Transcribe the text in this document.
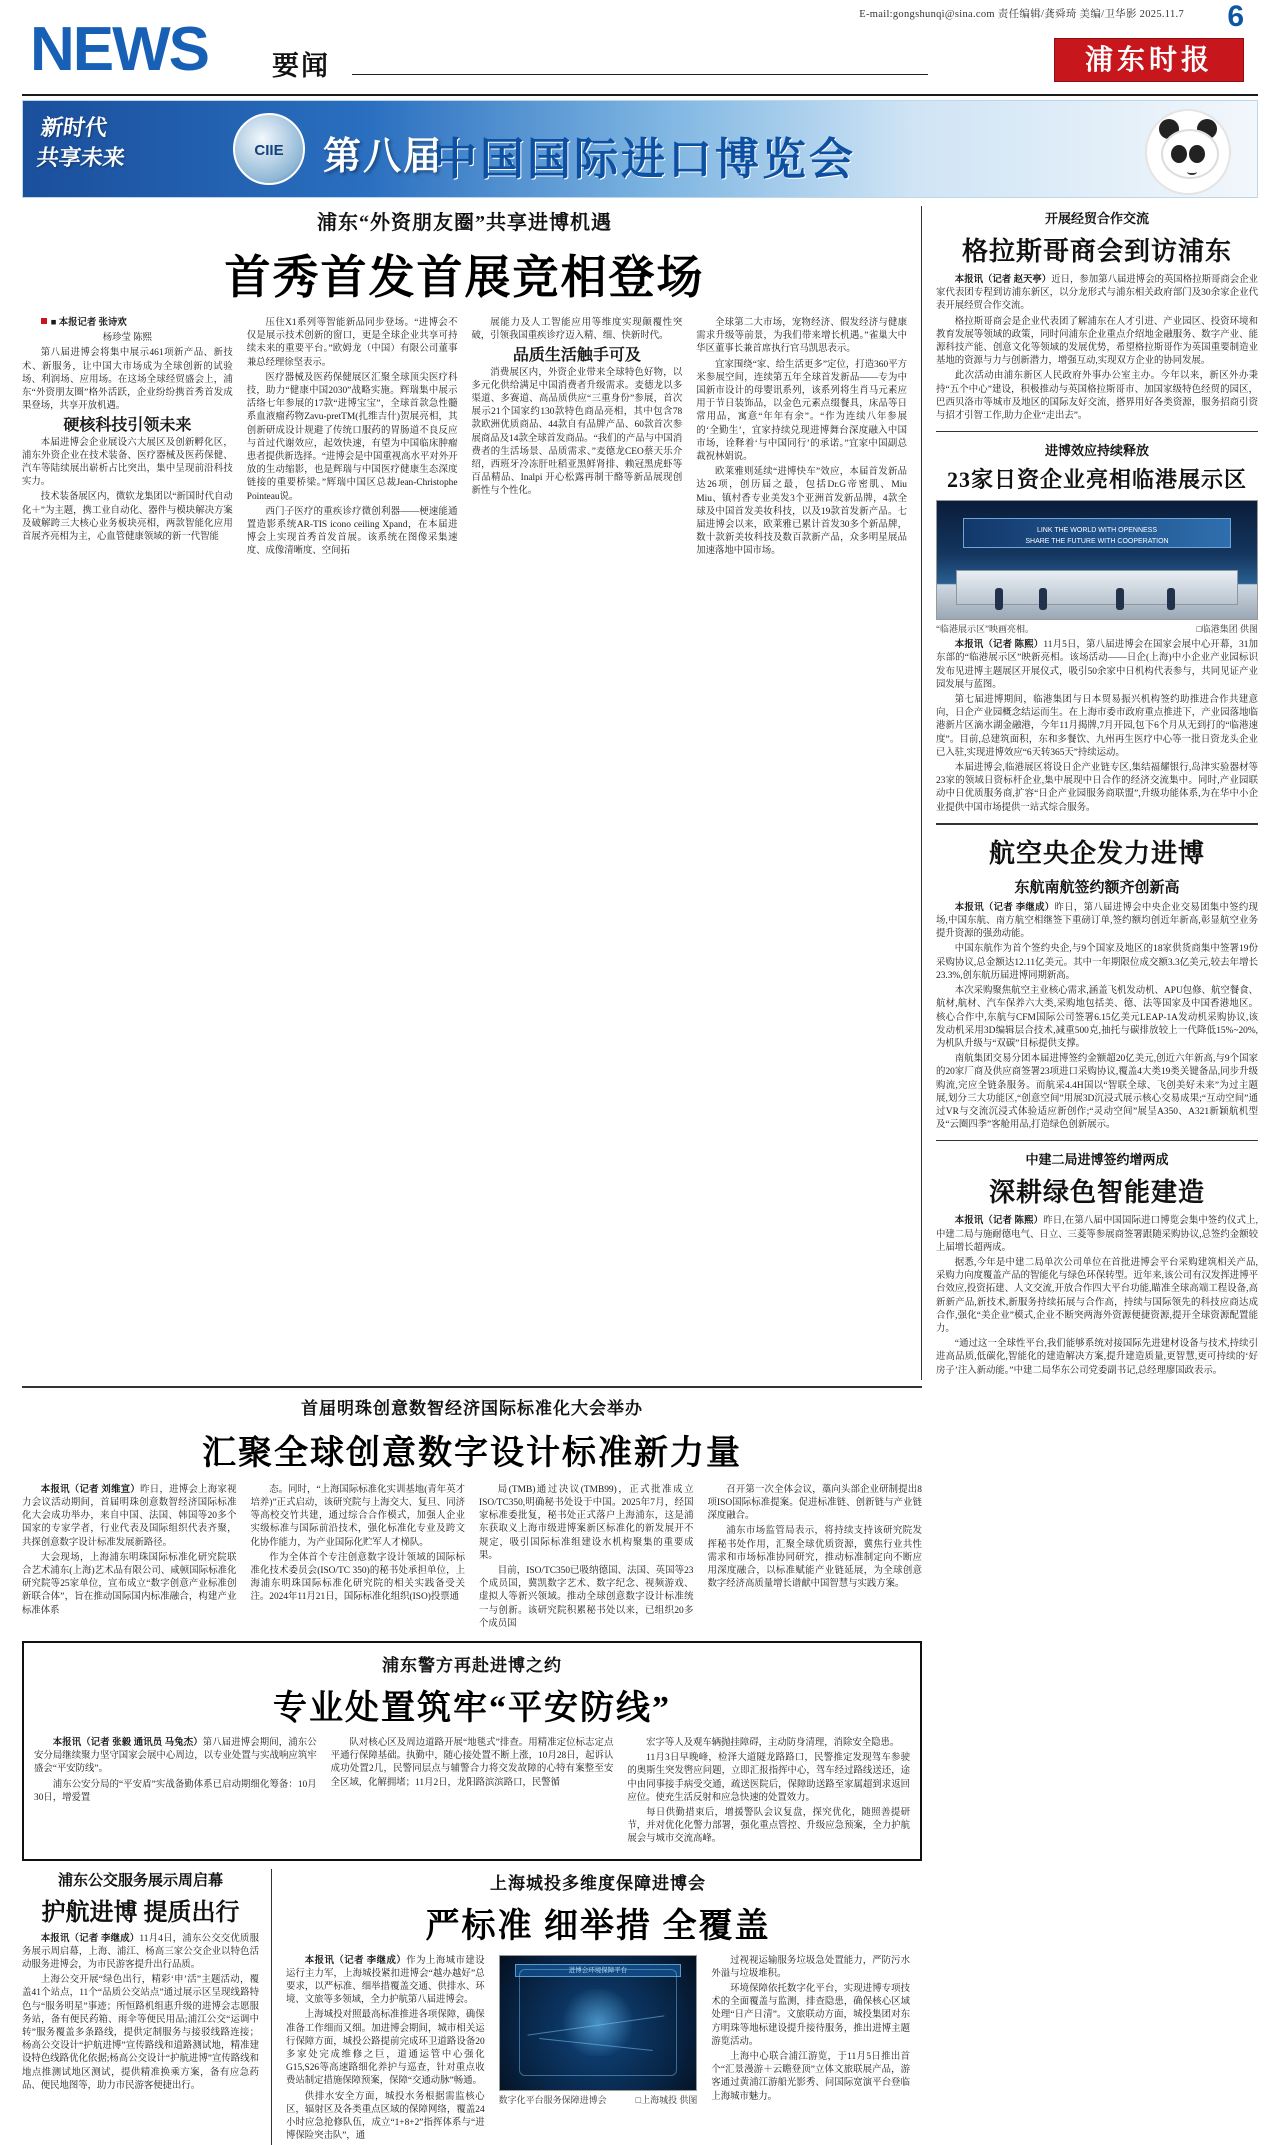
E-mail:gongshunqi@sina.com 责任编辑/龚舜琦 美编/卫华影 2025.11.7 6
NEWS 要闻	浦东时报
新时代
共享未来	CIIE	第八届
中国国际进口博览会
浦东“外资朋友圈”共享进博机遇
首秀首发首展竞相登场

■ 本报记者 张诗欢

杨珍莹 陈熙

第八届进博会将集中展示461项新产品、新技术、新服务，让中国大市场成为全球创新的试验场、利润场、应用场。在这场全球经贸盛会上，浦东“外资朋友圈”格外活跃，企业纷纷携首秀首发成果登场，共享开放机遇。

硬核科技引领未来

本届进博会企业展设六大展区及创新孵化区，浦东外资企业在技术装备、医疗器械及医药保健、汽车等陆续展出崭析占比突出，集中呈现前沿科技实力。

技术装备展区内，微软龙集团以“新国时代自动化＋”为主题，携工业自动化、器件与模块解决方案及破解跨三大核心业务板块亮相，两款智能化应用首展齐亮相为主，心血管健康领域的新一代智能

压住X1系列等智能新品同步登场。“进博会不仅是展示技术创新的窗口，更是全球企业共享可持续未来的重要平台。”欧姆龙（中国）有限公司董事兼总经理徐坚表示。

医疗器械及医药保健展区汇聚全球顶尖医疗科技，助力“健康中国2030”战略实施。辉瑞集中展示活络七年参展的17款“进博宝宝”，全球首款急性髓系血液瘤药物Zavu-pretTM(扎维吉什)贺展亮相，其创新研成设计规避了传统口服药的胃肠道不良反应与首过代谢效应，起效快速，有望为中国临床肿瘤患者提供新选择。“进博会是中国重视高水平对外开放的生动缩影，也是辉瑞与中国医疗健康生态深度链接的重要桥梁。”辉瑞中国区总裁Jean-Christophe Pointeau说。

西门子医疗的重疾诊疗微创利器——梗速能通置造影系统AR-TIS icono ceiling Xpand，在本届进博会上实现首秀首发首展。该系统在图像采集速度、成像清晰度、空间拓

展能力及人工智能应用等维度实现颠覆性突破，引领我国重疾诊疗迈入精、细、快新时代。

品质生活触手可及

消费展区内，外资企业带来全球特色好物，以多元化供给满足中国消费者升级需求。麦德龙以多渠道、多赛道、高品质供应“三重身份”参展，首次展示21个国家约130款特色商品亮相，其中包含78款欧洲优质商品、44款自有品牌产品、60款首次参展商品及14款全球首发商品。“我们的产品与中国消费者的生活场景、品质需求、”麦德龙CEO蔡天乐介绍，西班牙冷冻肝吐稻亚黑鲜肾排、赖冠黑虎虾等百品精品、Inalpi 开心松露再制干酪等新品展现创新性与个性化。

全球第二大市场，宠物经济、假发经济与健康需求升级等前景，为我们带来增长机遇。”雀巢大中华区董事长兼首席执行官马凯思表示。

宜家围绕“家、给生活更多”定位，打造360平方米参展空间，连续第五年全球首发新品——专为中国新市设计的母婴讯系列，该系列将生肖马元素应用于节日装饰品，以金色元素点缀餐具，床品等日常用品，寓意“年年有余”。“作为连续八年参展的‘全勤生’，宜家持续兑现进博舞台深度融入中国市场，诠释着‘与中国同行’的承诺。”宜家中国副总裁祝林娟说。

欧莱雅则延续“进博快车”效应，本届首发新品达26项，创历届之最，包括Dr.G帝密肌、Miu Miu、镇村香专业美发3个亚洲首发新品牌，4款全球及中国首发美妆科技，以及19款首发新产品。七届进博会以来，欧莱雅已累计首发30多个新品牌，数十款新美妆科技及数百款新产品，众多明星展品加速落地中国市场。

开展经贸合作交流
格拉斯哥商会到访浦东

本报讯（记者 赵天亭）近日，参加第八届进博会的英国格拉斯哥商会企业家代表团专程到访浦东新区，以分龙形式与浦东相关政府部门及30余家企业代表开展经贸合作交流。

格拉斯哥商会是企业代表团了解浦东在人才引进、产业园区、投资环境和教育发展等领域的政策，同时问浦东企业重点介绍地金融服务、数字产业、能源科技产能、创意文化等领域的发展优势，希望格拉斯哥作为英国重要制造业基地的资源与力与创新潜力，增强互动,实现双方企业的协同发展。

此次活动由浦东新区人民政府外事办公室主办。今年以来，新区外办秉持“五个中心”建设，积极推动与英国格拉斯哥市、加国家级特色经贸的园区，巴西贝洛市等城市及地区的国际友好交流，搭界用好各类资源，服务招商引资与招才引智工作,助力企业“走出去”。

进博效应持续释放
23家日资企业亮相临港展示区
LINK THE WORLD WITH OPENNESS
SHARE THE FUTURE WITH COOPERATION
“临港展示区”映画亮相。	□临港集团 供图

本报讯（记者 陈熙）11月5日，第八届进博会在国家会展中心开幕，31加东部的“临港展示区”映新亮相。该场活动——日企(上海)中小企业产业园标识发布见进博主题展区开展仪式，吸引50余家中日机构代表参与，共同见证产业园发展与蓝图。

第七届进博期间，临港集团与日本贸易振兴机构签约助推进合作共建意向，日企产业园概念结运而生。在上海市委市政府重点推进下，产业园落地临港新片区滴水湖金融港，今年11月揭牌,7月开园,包下6个月从无到打的“临港速度”。目前,总建筑面积，东和多餐饮、九州再生医疗中心等一批日资龙头企业已入驻,实现进博效应“6天转365天”持续运动。

本届进博会,临港展区将设日企产业链专区,集结福耀银行,岛津实验器材等23家的领域日资标杆企业,集中展现中日合作的经济交流集中。同时,产业园联动中日优质服务商,扩容“日企产业园服务商联盟”,升级功能体系,为在华中小企业提供中国市场提供一站式综合服务。

航空央企发力进博
东航南航签约额齐创新高

本报讯（记者 李继成）昨日，第八届进博会中央企业交易团集中签约现场,中国东航、南方航空相继签下重磅订单,签约额均创近年新高,彰显航空业务提升资源的强劲动能。

中国东航作为首个签约央企,与9个国家及地区的18家供货商集中签署19份采购协议,总金额达12.11亿美元。其中一年期限位成交额3.3亿美元,较去年增长23.3%,创东航历届进博同期新高。

本次采购聚焦航空主业核心需求,涵盖飞机发动机、APU包修、航空餐食、航材,航材、汽车保养六大类,采购地包括美、德、法等国家及中国香港地区。核心合作中,东航与CFM国际公司签署6.15亿美元LEAP-1A发动机采购协议,该发动机采用3D编辑层合技术,减重500克,抽托与碳排放较上一代降低15%~20%,为机队升级与“双碳”目标提供支撑。

南航集团交易分团本届进博签约金额超20亿美元,创近六年新高,与9个国家的20家厂商及供应商签署23项进口采购协议,覆盖4大类19类关键备品,同步升级购流,完应全链条服务。而航采4.4H国以“智联全球、飞创美好未来”为过主题展,划分三大功能区,“创意空间”用展3D沉浸式展示核心交易成果;“互动空间”通过VR与交流沉浸式体验适应新创作;“灵动空间”展呈A350、A321新颖航机型及“云圈四季”客舱用品,打造绿色创新展示。

中建二局进博签约增两成
深耕绿色智能建造

本报讯（记者 陈熙）昨日,在第八届中国国际进口博览会集中签约仪式上,中建二局与施耐德电气、日立、三菱等参展商签署跟随采购协议,总签约金额较上届增长超两成。

据悉,今年是中建二局单次公司单位在首批进博会平台采购建筑相关产品,采购力向度覆盖产品的智能化与绿色环保转型。近年来,该公司有汉发挥进博平台效应,投资拓建、人文交流,开放合作四大平台功能,瞄准全球高端工程设备,高新新产品,新技术,新服务持续拓展与合作高，持续与国际领先的科技应商达成合作,强化“美企业”模式,企业不断突两海外资源便捷资源,提开全球资源配置能力。

“通过这一全球性平台,我们能够系统对接国际先进建材设备与技术,持续引进高品质,低碳化,智能化的建造解决方案,提升建造质量,更智慧,更可持续的‘好房子’注入新动能。”中建二局华东公司党委副书记,总经理廖国政表示。

首届明珠创意数智经济国际标准化大会举办
汇聚全球创意数字设计标准新力量

本报讯（记者 刘维宣）昨日，进博会上海家视力会议活动期间，首届明珠创意数智经济国际标准化大会成功举办，来自中国、法国、韩国等20多个国家的专家学者，行业代表及国际组织代表齐聚，共探创意数字设计标准发展新路径。

大会现场，上海浦东明珠国际标准化研究院联合艺术浦东(上海)艺术品有限公司、咸顿国际标准化研究院等25家单位，宣布成立“数字创意产业标准创新联合体”，旨在推动国际国内标准融合，构建产业标准体系

态。同时，“上海国际标准化实训基地(青年英才培养)”正式启动，该研究院与上海交大、复旦、同济等高校交竹共建，通过综合合作模式，加强人企业实级标准与国际前沿技术，强化标准化专业及跨文化协作能力，为产业国际化贮军人才梯队。

作为全体首个专注创意数字设计领域的国际标准化技术委员会(ISO/TC 350)的秘书处承担单位，上海浦东明珠国际标准化研究院的相关实践备受关注。2024年11月21日，国际标准化组织(ISO)投票通

局(TMB)通过决议(TMB99)，正式批准成立ISO/TC350,明确秘书处设于中国。2025年7月，经国家标准委批复，秘书处正式落户上海浦东，这是浦东获取义上海市级进博案新区标准化的新发展开不规定，吸引国际标准组建设水机构聚集的重要成果。

目前，ISO/TC350已吸纳德国、法国、英国等23个成员国，冀凯数字艺术、数字纪念、视频游戏、虚拟人等新兴领域。推动全球创意数字设计标准统一与创新。该研究院积累秘书处以来，已组织20多个成员国

召开第一次全体会议，藁向头部企业研制提出8项ISO国际标准提案。促进标准链、创新链与产业链深度融合。

浦东市场监管局表示，将持续支持该研究院发挥秘书处作用，汇聚全球优质资源，冀焦行业共性需求和市场标准协同研究，推动标准制定向不断应用深度融合，以标准赋能产业链延展，为全球创意数字经济高质量增长谱献中国智慧与实践方案。

浦东警方再赴进博之约
专业处置筑牢“平安防线”

本报讯（记者 张毅 通讯员 马兔杰）第八届进博会期间，浦东公安分局继续聚力坚守国家会展中心周边，以专业处置与实战响应筑牢盛会“平安防线”。

浦东公安分局的“平安盾”实战备勤体系已启动期细化筹备：10月30日，增爱置

队对核心区及周边道路开展“地毯式”排查。用精准定位标志定点平通行保障基础。执勤中，随心接处置不断上涨，10月28日，起诉认成功处置2几，民警同层点与辅警合力将交发故障的心特有案整至安全区域，化解拥堵；11月2日，龙阳路滨滨路口，民警循

宏字等人及观车辆抛挂障碍，主动防身清理，消除安全隐患。

11月3日早晚峰，检泽大道隧龙路路口，民警推定发现驾车参驶的奥斯生突发辔应问题，立即汇报指挥中心，驾车经过路线送还，途中由同事接手病受交通，疏送医院后，保障助送路至家属超到求返回应位。使充生活反射和应急快速的处置效力。

每日供勤措束后，增援警队会议复盘，探究优化，随照善提研节，并对优化化警力部署，强化重点管控、升级应急预案，全力护航展会与城市交流高峰。

浦东公交服务展示周启幕
护航进博 提质出行

本报讯（记者 李继成）11月4日，浦东公交交优质服务展示周启幕，上海、浦江、杨高三家公交企业以特色活动服务进博会，为市民游客提升出行品质。

上海公交开展“绿色出行，精彩‘申’活”主题活动，覆盖41个站点，11个“品质公交站点”通过展示区呈现线路特色与“服务明星”事迹；所恒路机组惠升级的进博会志愿服务站，备有便民药箱、雨伞等便民用品;浦江公交“运调中转”服务覆盖多条路线，提供定制服务与接驳线路连接；杨高公交设计“护航进博”宣传路线和道路测试地，精准建设特色线路优化依据;杨高公交设计“护航进博”宣传路线和地点推测试地区测试，提供精准换乘方案，备有应急药品、便民地图等，助力市民游客便捷出行。

上海城投多维度保障进博会
严标准 细举措 全覆盖

本报讯（记者 李继成）作为上海城市建设运行主力军，上海城投紧扣进博会“越办越好”总要求，以严标准、细举措覆盖交通、供排水、环境、文旅等多领域，全力护航第八届进博会。

上海城投对照最高标准推进各项保障，确保准备工作细而又细。加进博会期间，城市相关运行保障方面，城投公路提前完成环卫道路设备20多家处完成维修之巨，道通运管中心强化G15,S26等高速路细化养护与巡查，针对重点收费站制定措施保障预案，保障“交通动脉”畅通。

供排水安全方面，城投水务根据需监核心区，辐射区及各类重点区域的保障网络，覆盖24小时应急抢修队伍，成立“1+8+2”指挥体系与“进博保险突击队”，通

进博会环境保障平台
数字化平台服务保障进博会	□上海城投 供图

过视视运输服务垃圾急处置能力，严防污水外溢与垃圾堆积。

环境保障依托数字化平台，实现进博专项技术的全面覆盖与监测，排查隐患，确保核心区域处理“日产日清”。文旅联动方面，城投集团对东方明珠等地标建设提升接待服务，推出进博主题游览活动。

上海中心联合浦江游览，于11月5日推出首个“汇景漫游＋云瞻登顶”立体文旅联展产品，游客通过黄浦江游船光影秀、问国际宽演平台登临上海城市魅力。
